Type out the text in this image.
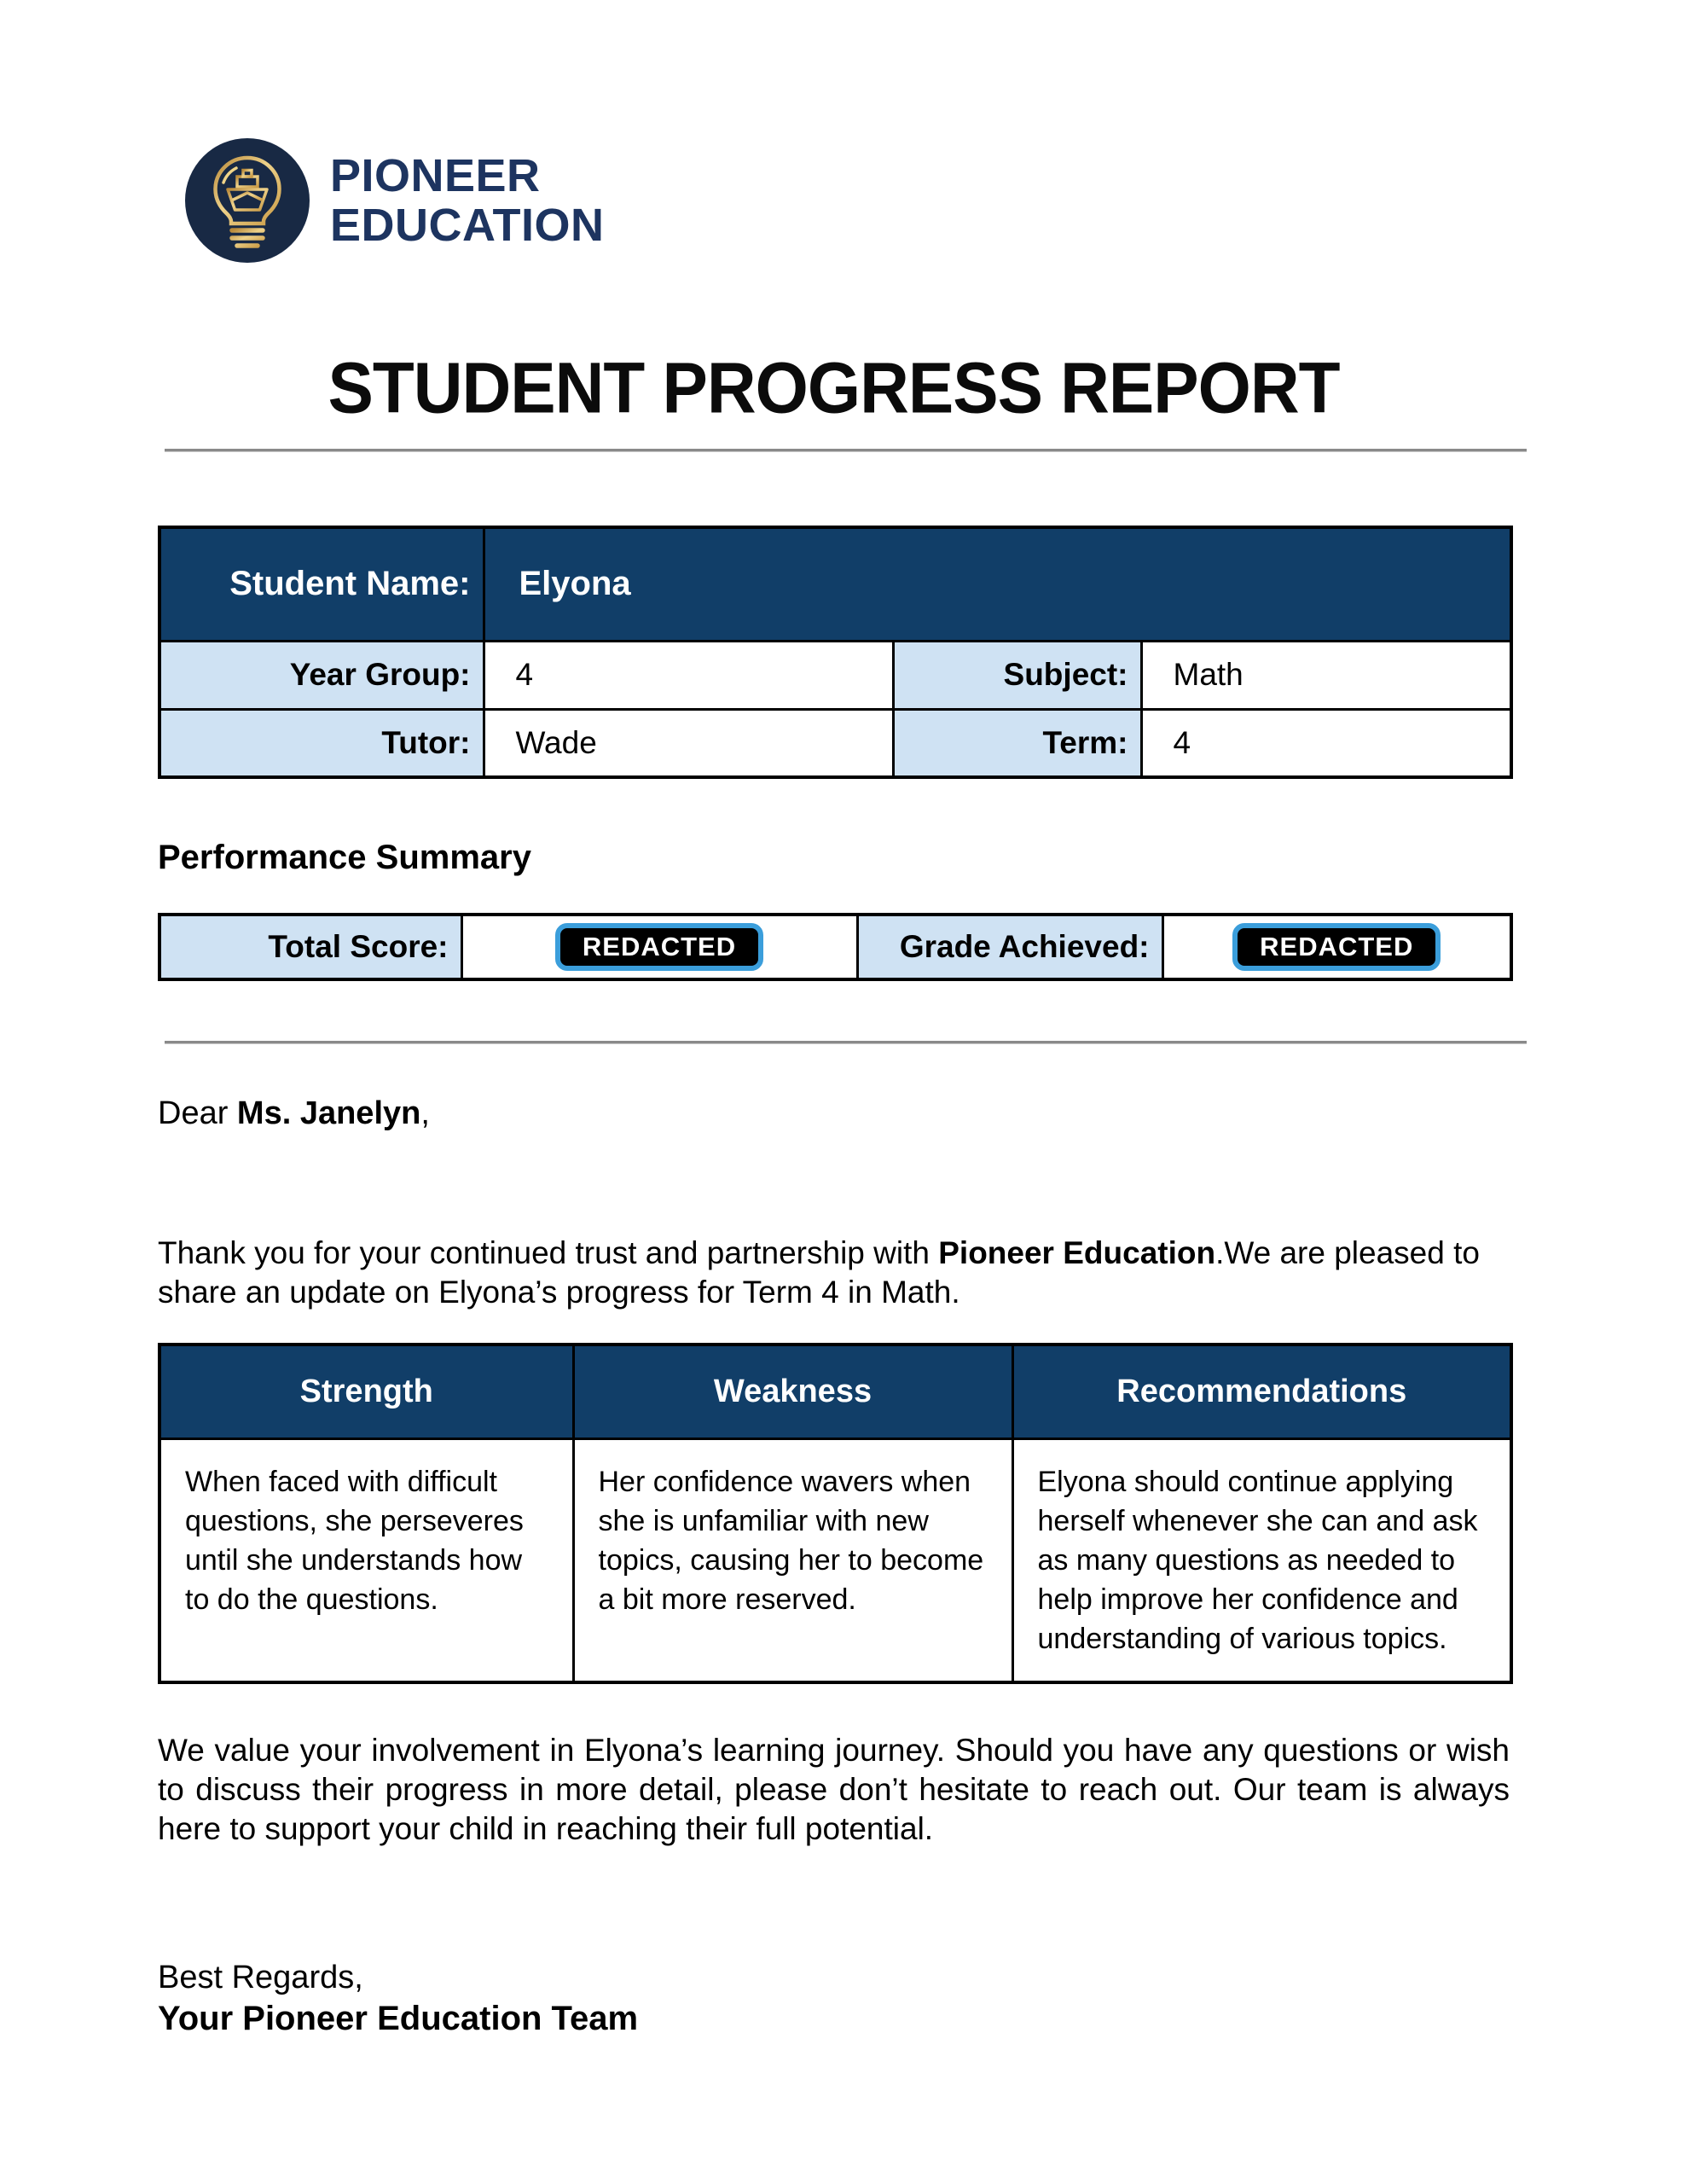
PIONEER
EDUCATION
STUDENT PROGRESS REPORT
Student Name:	Elyona		
Year Group:	4	Subject:	Math
Tutor:	Wade	Term:	4
Performance Summary
Total Score:	REDACTED	Grade Achieved:	REDACTED
Dear Ms. Janelyn,
Thank you for your continued trust and partnership with Pioneer Education.We are pleased to share an update on Elyona’s progress for Term 4 in Math.
Strength	Weakness	Recommendations
When faced with difficult questions, she perseveres until she understands how to do the questions.	Her confidence wavers when she is unfamiliar with new topics, causing her to become a bit more reserved.	Elyona should continue applying herself whenever she can and ask as many questions as needed to help improve her confidence and understanding of various topics.
We value your involvement in Elyona’s learning journey. Should you have any questions or wish to discuss their progress in more detail, please don’t hesitate to reach out. Our team is always here to support your child in reaching their full potential.
Best Regards,
Your Pioneer Education Team
